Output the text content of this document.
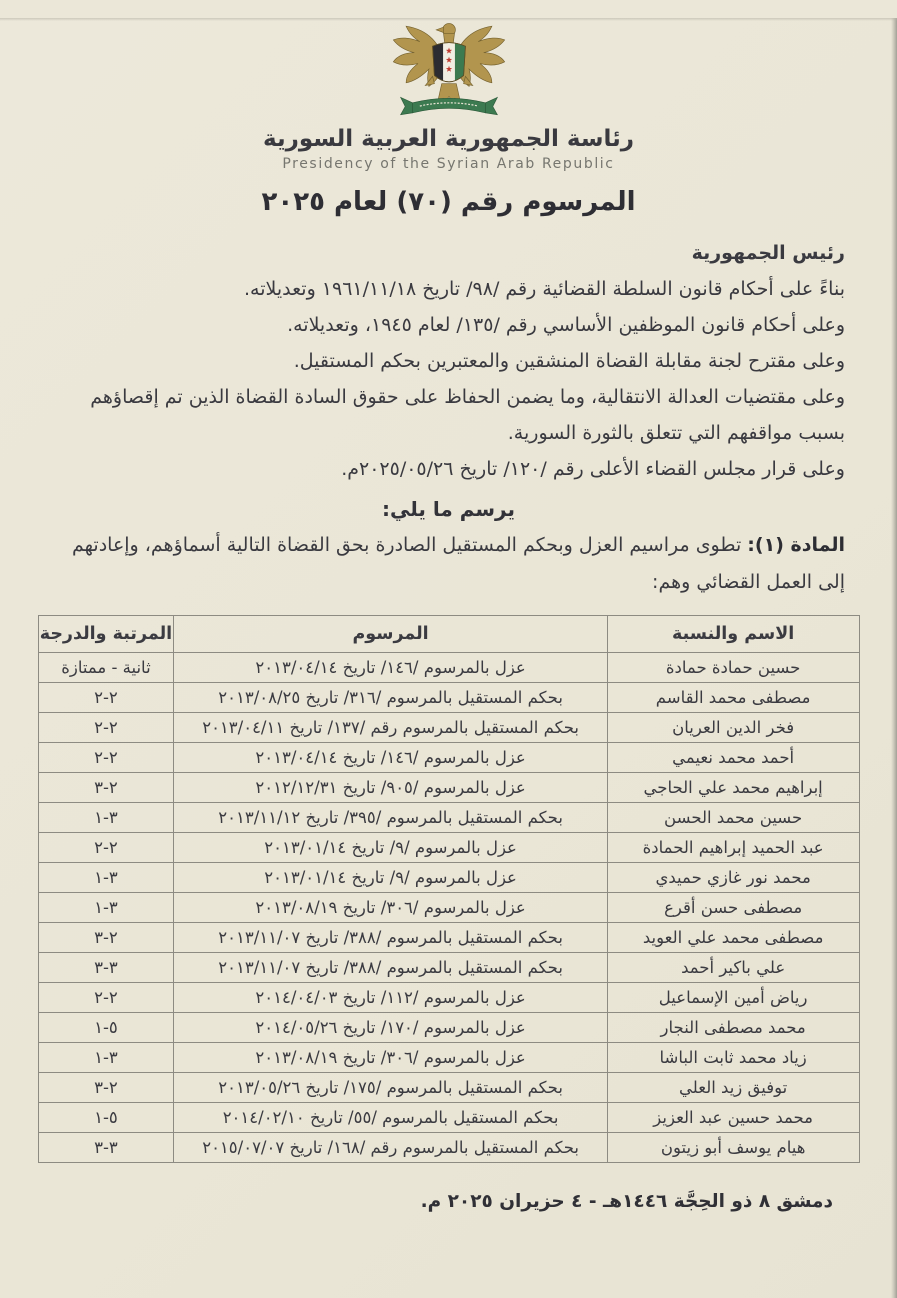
رئاسة الجمهورية العربية السورية
Presidency of the Syrian Arab Republic
المرسوم رقم (٧٠) لعام ٢٠٢٥

رئيس الجمهورية

بناءً على أحكام قانون السلطة القضائية رقم /٩٨/ تاريخ ١٩٦١/١١/١٨ وتعديلاته.

وعلى أحكام قانون الموظفين الأساسي رقم /١٣٥/ لعام ١٩٤٥، وتعديلاته.

وعلى مقترح لجنة مقابلة القضاة المنشقين والمعتبرين بحكم المستقيل.

وعلى مقتضيات العدالة الانتقالية، وما يضمن الحفاظ على حقوق السادة القضاة الذين تم إقصاؤهم بسبب مواقفهم التي تتعلق بالثورة السورية.

وعلى قرار مجلس القضاء الأعلى رقم /١٢٠/ تاريخ ٢٠٢٥/٠٥/٢٦م.

يرسم ما يلي:

المادة (١): تطوى مراسيم العزل وبحكم المستقيل الصادرة بحق القضاة التالية أسماؤهم، وإعادتهم إلى العمل القضائي وهم:

الاسم والنسبة	المرسوم	المرتبة والدرجة
حسين حمادة حمادة	عزل بالمرسوم /١٤٦/ تاريخ ٢٠١٣/٠٤/١٤	ثانية - ممتازة
مصطفى محمد القاسم	بحكم المستقيل بالمرسوم /٣١٦/ تاريخ ٢٠١٣/٠٨/٢٥	٢-٢
فخر الدين العريان	بحكم المستقيل بالمرسوم رقم /١٣٧/ تاريخ ٢٠١٣/٠٤/١١	٢-٢
أحمد محمد نعيمي	عزل بالمرسوم /١٤٦/ تاريخ ٢٠١٣/٠٤/١٤	٢-٢
إبراهيم محمد علي الحاجي	عزل بالمرسوم /٩٠٥/ تاريخ ٢٠١٢/١٢/٣١	٢-٣
حسين محمد الحسن	بحكم المستقيل بالمرسوم /٣٩٥/ تاريخ ٢٠١٣/١١/١٢	٣-١
عبد الحميد إبراهيم الحمادة	عزل بالمرسوم /٩/ تاريخ ٢٠١٣/٠١/١٤	٢-٢
محمد نور غازي حميدي	عزل بالمرسوم /٩/ تاريخ ٢٠١٣/٠١/١٤	٣-١
مصطفى حسن أقرع	عزل بالمرسوم /٣٠٦/ تاريخ ٢٠١٣/٠٨/١٩	٣-١
مصطفى محمد علي العويد	بحكم المستقيل بالمرسوم /٣٨٨/ تاريخ ٢٠١٣/١١/٠٧	٢-٣
علي باكير أحمد	بحكم المستقيل بالمرسوم /٣٨٨/ تاريخ ٢٠١٣/١١/٠٧	٣-٣
رياض أمين الإسماعيل	عزل بالمرسوم /١١٢/ تاريخ ٢٠١٤/٠٤/٠٣	٢-٢
محمد مصطفى النجار	عزل بالمرسوم /١٧٠/ تاريخ ٢٠١٤/٠٥/٢٦	٥-١
زياد محمد ثابت الباشا	عزل بالمرسوم /٣٠٦/ تاريخ ٢٠١٣/٠٨/١٩	٣-١
توفيق زيد العلي	بحكم المستقيل بالمرسوم /١٧٥/ تاريخ ٢٠١٣/٠٥/٢٦	٢-٣
محمد حسين عبد العزيز	بحكم المستقيل بالمرسوم /٥٥/ تاريخ ٢٠١٤/٠٢/١٠	٥-١
هيام يوسف أبو زيتون	بحكم المستقيل بالمرسوم رقم /١٦٨/ تاريخ ٢٠١٥/٠٧/٠٧	٣-٣
دمشق ٨ ذو الحِجَّة ١٤٤٦هـ - ٤ حزيران ٢٠٢٥ م.
